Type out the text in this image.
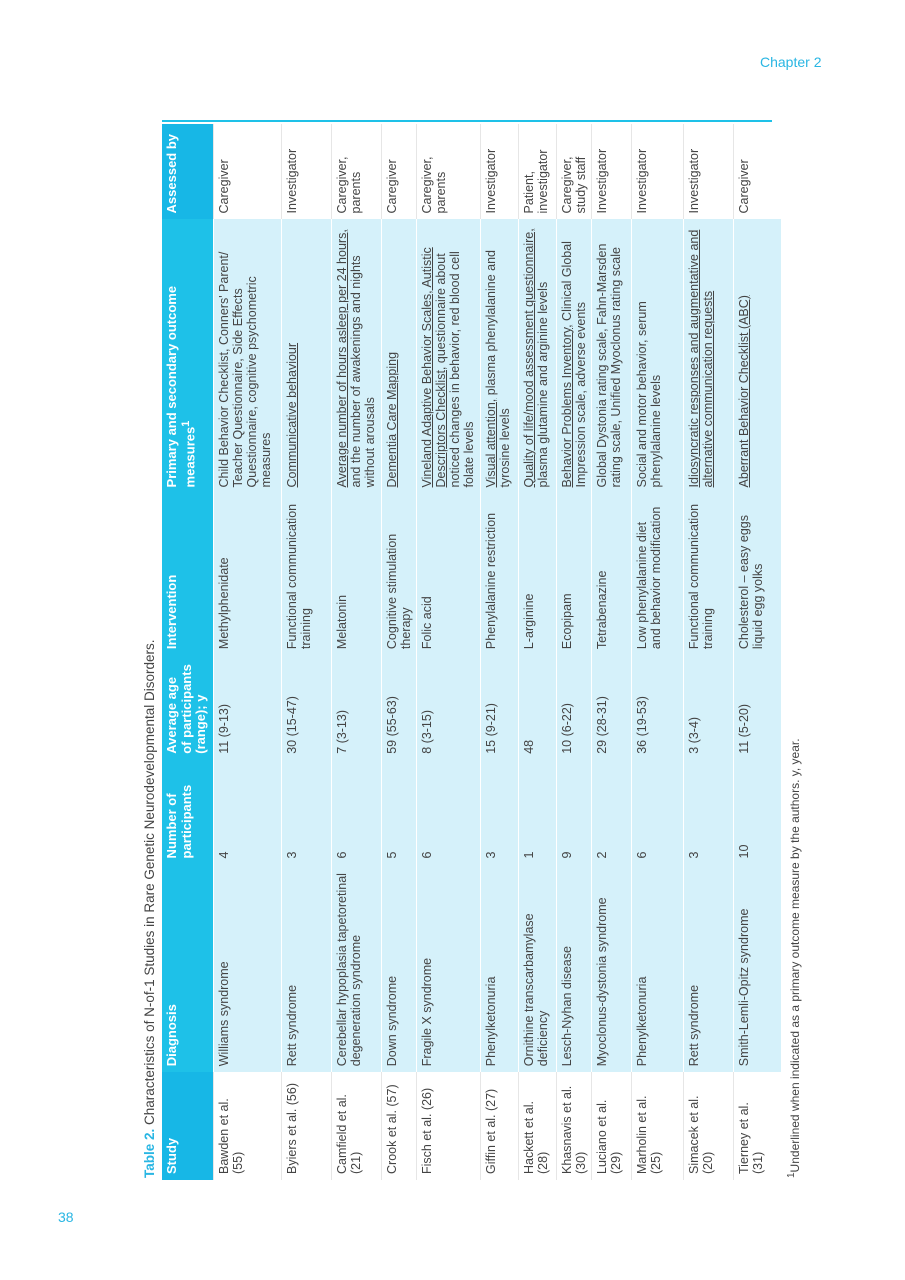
Chapter 2
Table 2. Characteristics of N-of-1 Studies in Rare Genetic Neurodevelopmental Disorders.
Study	Diagnosis	Number of participants	Average age of participants (range); y	Intervention	Primary and secondary outcome measures$^1$	Assessed by
Bawden et al. (55)	Williams syndrome	4	11 (9-13)	Methylphenidate	Child Behavior Checklist, Conners' Parent/ Teacher Questionnaire, Side Effects Questionnaire, cognitive psychometric measures	Caregiver
Byiers et al. (56)	Rett syndrome	3	30 (15-47)	Functional communication training	Communicative behaviour	Investigator
Camfield et al. (21)	Cerebellar hypoplasia tapetoretinal degeneration syndrome	6	7 (3-13)	Melatonin	Average number of hours asleep per 24 hours, and the number of awakenings and nights without arousals	Caregiver, parents
Crook et al. (57)	Down syndrome	5	59 (55-63)	Cognitive stimulation therapy	Dementia Care Mapping	Caregiver
Fisch et al. (26)	Fragile X syndrome	6	8 (3-15)	Folic acid	Vineland Adaptive Behavior Scales, Autistic Descriptors Checklist, questionnaire about noticed changes in behavior, red blood cell folate levels	Caregiver, parents
Giffin et al. (27)	Phenylketonuria	3	15 (9-21)	Phenylalanine restriction	Visual attention, plasma phenylalanine and tyrosine levels	Investigator
Hackett et al. (28)	Ornithine transcarbamylase deficiency	1	48	L-arginine	Quality of life/mood assessment questionnaire, plasma glutamine and arginine levels	Patient, investigator
Khasnavis et al. (30)	Lesch-Nyhan disease	9	10 (6-22)	Ecopipam	Behavior Problems Inventory, Clinical Global Impression scale, adverse events	Caregiver, study staff
Luciano et al. (29)	Myoclonus-dystonia syndrome	2	29 (28-31)	Tetrabenazine	Global Dystonia rating scale, Fahn-Marsden rating scale, Unified Myoclonus rating scale	Investigator
Marholin et al. (25)	Phenylketonuria	6	36 (19-53)	Low phenylalanine diet and behavior modification	Social and motor behavior, serum phenylalanine levels	Investigator
Simacek et al. (20)	Rett syndrome	3	3 (3-4)	Functional communication training	Idiosyncratic responses and augmentative and alternative communication requests	Investigator
Tierney et al. (31)	Smith-Lemli-Opitz syndrome	10	11 (5-20)	Cholesterol – easy eggs liquid egg yolks	Aberrant Behavior Checklist (ABC)	Caregiver
$^1$Underlined when indicated as a primary outcome measure by the authors. y, year.
38
